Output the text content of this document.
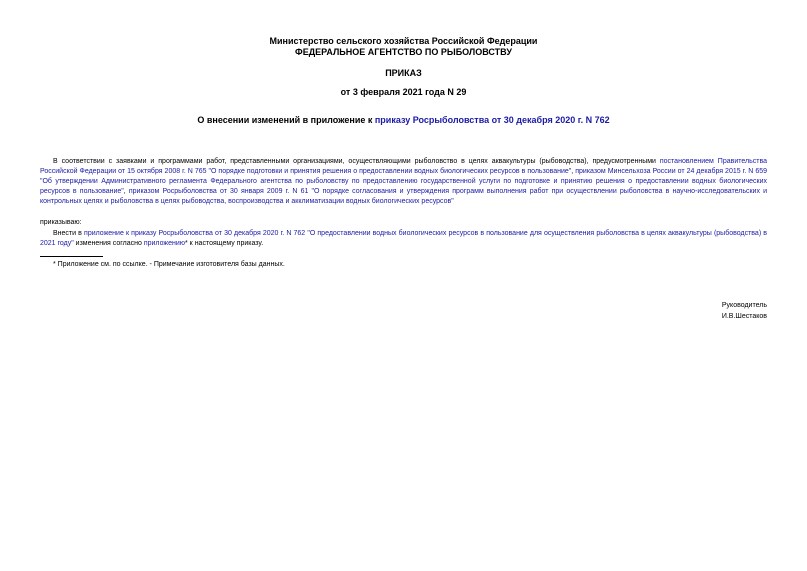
Министерство сельского хозяйства Российской Федерации
ФЕДЕРАЛЬНОЕ АГЕНТСТВО ПО РЫБОЛОВСТВУ
ПРИКАЗ
от 3 февраля 2021 года N 29
О внесении изменений в приложение к приказу Росрыболовства от 30 декабря 2020 г. N 762
В соответствии с заявками и программами работ, представленными организациями, осуществляющими рыболовство в целях аквакультуры (рыбоводства), предусмотренными постановлением Правительства Российской Федерации от 15 октября 2008 г. N 765 "О порядке подготовки и принятия решения о предоставлении водных биологических ресурсов в пользование", приказом Минсельхоза России от 24 декабря 2015 г. N 659 "Об утверждении Административного регламента Федерального агентства по рыболовству по предоставлению государственной услуги по подготовке и принятию решения о предоставлении водных биологических ресурсов в пользование", приказом Росрыболовства от 30 января 2009 г. N 61 "О порядке согласования и утверждения программ выполнения работ при осуществлении рыболовства в научно-исследовательских и контрольных целях и рыболовства в целях рыбоводства, воспроизводства и акклиматизации водных биологических ресурсов"
приказываю:
Внести в приложение к приказу Росрыболовства от 30 декабря 2020 г. N 762 "О предоставлении водных биологических ресурсов в пользование для осуществления рыболовства в целях аквакультуры (рыбоводства) в 2021 году" изменения согласно приложению* к настоящему приказу.
* Приложение см. по ссылке. - Примечание изготовителя базы данных.
Руководитель
И.В.Шестаков
